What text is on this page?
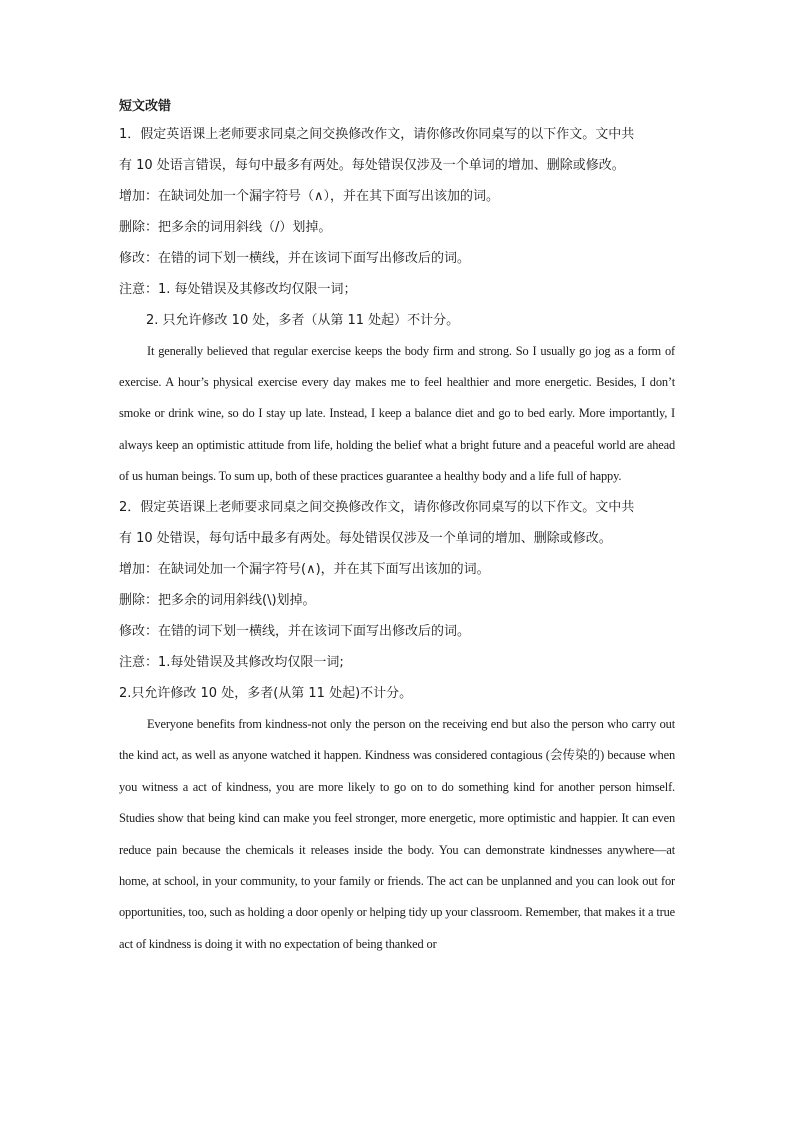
短文改错
1．假定英语课上老师要求同桌之间交换修改作文，请你修改你同桌写的以下作文。文中共
有 10 处语言错误，每句中最多有两处。每处错误仅涉及一个单词的增加、删除或修改。
增加：在缺词处加一个漏字符号（∧），并在其下面写出该加的词。
删除：把多余的词用斜线（/）划掉。
修改：在错的词下划一横线，并在该词下面写出修改后的词。
注意：1. 每处错误及其修改均仅限一词；
2. 只允许修改 10 处，多者（从第 11 处起）不计分。
It generally believed that regular exercise keeps the body firm and strong. So I usually go jog as a form of exercise. A hour’s physical exercise every day makes me to feel healthier and more energetic. Besides, I don’t smoke or drink wine, so do I stay up late. Instead, I keep a balance diet and go to bed early. More importantly, I always keep an optimistic attitude from life, holding the belief what a bright future and a peaceful world are ahead of us human beings. To sum up, both of these practices guarantee a healthy body and a life full of happy.
2．假定英语课上老师要求同桌之间交换修改作文，请你修改你同桌写的以下作文。文中共
有 10 处错误，每句话中最多有两处。每处错误仅涉及一个单词的增加、删除或修改。
增加：在缺词处加一个漏字符号(∧)，并在其下面写出该加的词。
删除：把多余的词用斜线(\)划掉。
修改：在错的词下划一横线，并在该词下面写出修改后的词。
注意：1.每处错误及其修改均仅限一词;
2.只允许修改 10 处，多者(从第 11 处起)不计分。
Everyone benefits from kindness-not only the person on the receiving end but also the person who carry out the kind act, as well as anyone watched it happen. Kindness was considered contagious (会传染的) because when you witness a act of kindness, you are more likely to go on to do something kind for another person himself. Studies show that being kind can make you feel stronger, more energetic, more optimistic and happier. It can even reduce pain because the chemicals it releases inside the body. You can demonstrate kindnesses anywhere—at home, at school, in your community, to your family or friends. The act can be unplanned and you can look out for opportunities, too, such as holding a door openly or helping tidy up your classroom. Remember, that makes it a true act of kindness is doing it with no expectation of being thanked or
